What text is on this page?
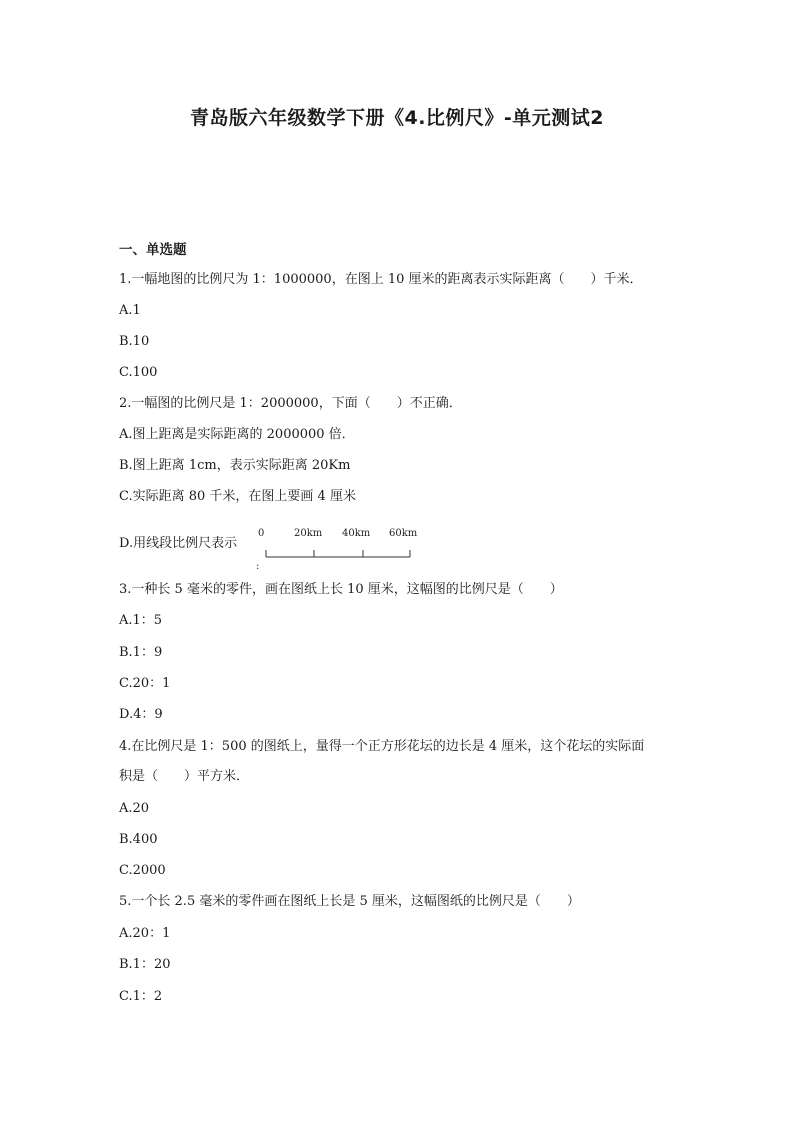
青岛版六年级数学下册《4.比例尺》-单元测试2
一、单选题
1.一幅地图的比例尺为 1：1000000，在图上 10 厘米的距离表示实际距离（　　）千米．
A.1
B.10
C.100
2.一幅图的比例尺是 1：2000000，下面（　　）不正确．
A.图上距离是实际距离的 2000000 倍．
B.图上距离 1cm，表示实际距离 20Km
C.实际距离 80 千米，在图上要画 4 厘米
D.用线段比例尺表示
0	20km 40km 60km
:
3.一种长 5 毫米的零件，画在图纸上长 10 厘米，这幅图的比例尺是（　　）
A.1：5
B.1：9
C.20：1
D.4：9
4.在比例尺是 1：500 的图纸上，量得一个正方形花坛的边长是 4 厘米，这个花坛的实际面
积是（　　）平方米．
A.20
B.400
C.2000
5.一个长 2.5 毫米的零件画在图纸上长是 5 厘米，这幅图纸的比例尺是（　　）
A.20：1
B.1：20
C.1：2
